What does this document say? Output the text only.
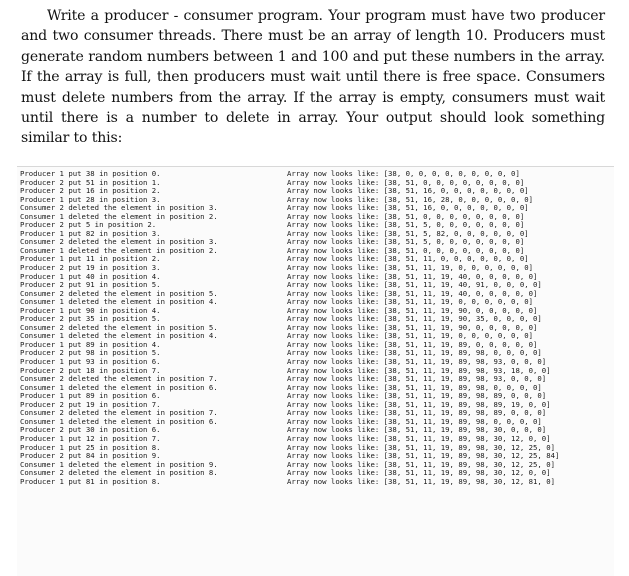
Write a producer - consumer program. Your program must have two producer and two consumer threads. There must be an array of length 10. Producers must generate random numbers between 1 and 100 and put these numbers in the array. If the array is full, then producers must wait until there is free space. Consumers must delete numbers from the array. If the array is empty, consumers must wait until there is a number to delete in array. Your output should look something similar to this:

Producer 1 put 38 in position 0.	Array now looks like: [38, 0, 0, 0, 0, 0, 0, 0, 0, 0]
Producer 2 put 51 in position 1.	Array now looks like: [38, 51, 0, 0, 0, 0, 0, 0, 0, 0]
Producer 2 put 16 in position 2.	Array now looks like: [38, 51, 16, 0, 0, 0, 0, 0, 0, 0]
Producer 1 put 28 in position 3.	Array now looks like: [38, 51, 16, 28, 0, 0, 0, 0, 0, 0]
Consumer 2 deleted the element in position 3.	Array now looks like: [38, 51, 16, 0, 0, 0, 0, 0, 0, 0]
Consumer 1 deleted the element in position 2.	Array now looks like: [38, 51, 0, 0, 0, 0, 0, 0, 0, 0]
Producer 2 put 5 in position 2.	Array now looks like: [38, 51, 5, 0, 0, 0, 0, 0, 0, 0]
Producer 1 put 82 in position 3.	Array now looks like: [38, 51, 5, 82, 0, 0, 0, 0, 0, 0]
Consumer 2 deleted the element in position 3.	Array now looks like: [38, 51, 5, 0, 0, 0, 0, 0, 0, 0]
Consumer 1 deleted the element in position 2.	Array now looks like: [38, 51, 0, 0, 0, 0, 0, 0, 0, 0]
Producer 1 put 11 in position 2.	Array now looks like: [38, 51, 11, 0, 0, 0, 0, 0, 0, 0]
Producer 2 put 19 in position 3.	Array now looks like: [38, 51, 11, 19, 0, 0, 0, 0, 0, 0]
Producer 1 put 40 in position 4.	Array now looks like: [38, 51, 11, 19, 40, 0, 0, 0, 0, 0]
Producer 2 put 91 in position 5.	Array now looks like: [38, 51, 11, 19, 40, 91, 0, 0, 0, 0]
Consumer 2 deleted the element in position 5.	Array now looks like: [38, 51, 11, 19, 40, 0, 0, 0, 0, 0]
Consumer 1 deleted the element in position 4.	Array now looks like: [38, 51, 11, 19, 0, 0, 0, 0, 0, 0]
Producer 1 put 90 in position 4.	Array now looks like: [38, 51, 11, 19, 90, 0, 0, 0, 0, 0]
Producer 2 put 35 in position 5.	Array now looks like: [38, 51, 11, 19, 90, 35, 0, 0, 0, 0]
Consumer 2 deleted the element in position 5.	Array now looks like: [38, 51, 11, 19, 90, 0, 0, 0, 0, 0]
Consumer 1 deleted the element in position 4.	Array now looks like: [38, 51, 11, 19, 0, 0, 0, 0, 0, 0]
Producer 1 put 89 in position 4.	Array now looks like: [38, 51, 11, 19, 89, 0, 0, 0, 0, 0]
Producer 2 put 98 in position 5.	Array now looks like: [38, 51, 11, 19, 89, 98, 0, 0, 0, 0]
Producer 1 put 93 in position 6.	Array now looks like: [38, 51, 11, 19, 89, 98, 93, 0, 0, 0]
Producer 2 put 18 in position 7.	Array now looks like: [38, 51, 11, 19, 89, 98, 93, 18, 0, 0]
Consumer 2 deleted the element in position 7.	Array now looks like: [38, 51, 11, 19, 89, 98, 93, 0, 0, 0]
Consumer 1 deleted the element in position 6.	Array now looks like: [38, 51, 11, 19, 89, 98, 0, 0, 0, 0]
Producer 1 put 89 in position 6.	Array now looks like: [38, 51, 11, 19, 89, 98, 89, 0, 0, 0]
Producer 2 put 19 in position 7.	Array now looks like: [38, 51, 11, 19, 89, 98, 89, 19, 0, 0]
Consumer 2 deleted the element in position 7.	Array now looks like: [38, 51, 11, 19, 89, 98, 89, 0, 0, 0]
Consumer 1 deleted the element in position 6.	Array now looks like: [38, 51, 11, 19, 89, 98, 0, 0, 0, 0]
Producer 2 put 30 in position 6.	Array now looks like: [38, 51, 11, 19, 89, 98, 30, 0, 0, 0]
Producer 1 put 12 in position 7.	Array now looks like: [38, 51, 11, 19, 89, 98, 30, 12, 0, 0]
Producer 1 put 25 in position 8.	Array now looks like: [38, 51, 11, 19, 89, 98, 30, 12, 25, 0]
Producer 2 put 84 in position 9.	Array now looks like: [38, 51, 11, 19, 89, 98, 30, 12, 25, 84]
Consumer 1 deleted the element in position 9.	Array now looks like: [38, 51, 11, 19, 89, 98, 30, 12, 25, 0]
Consumer 2 deleted the element in position 8.	Array now looks like: [38, 51, 11, 19, 89, 98, 30, 12, 0, 0]
Producer 1 put 81 in position 8.	Array now looks like: [38, 51, 11, 19, 89, 98, 30, 12, 81, 0]
